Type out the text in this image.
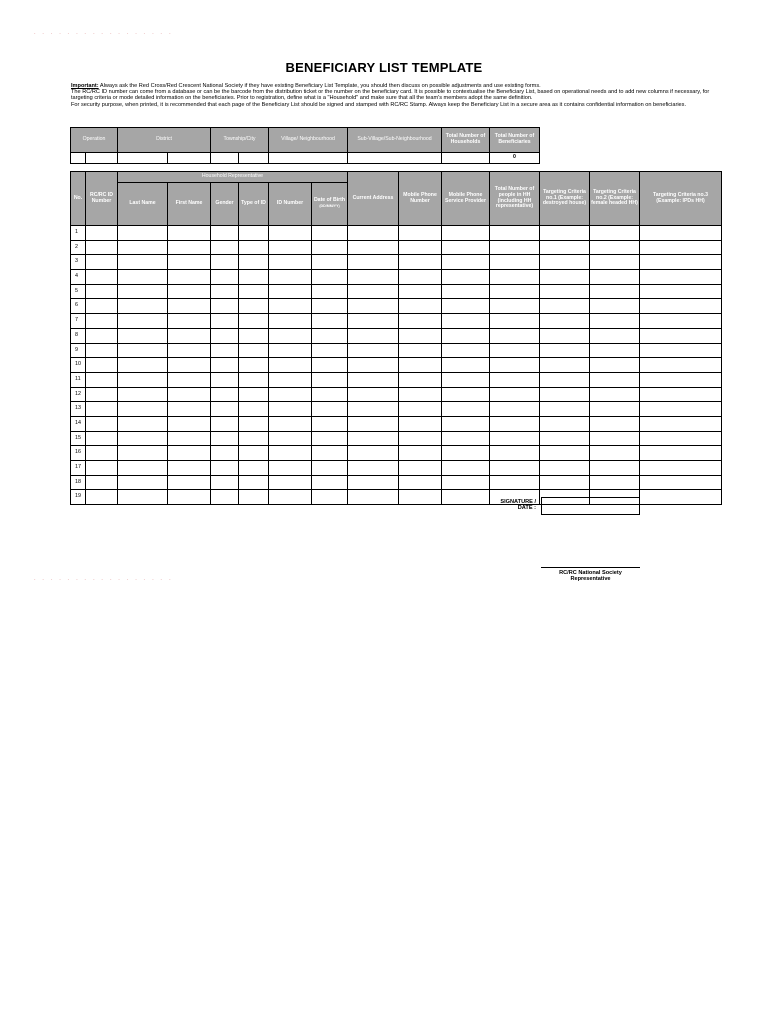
- - - - - - - - - - - - - - - - -
BENEFICIARY LIST TEMPLATE
Important: Always ask the Red Cross/Red Crescent National Society if they have existing Beneficiary List Template, you should then discuss on possible adjustments and use existing forms.
The RC/RC ID number can come from a database or can be the barcode from the distribution ticket or the number on the beneficiary card. It is possible to contextualise the Beneficiary List, based on operational needs and to add new columns if necessary, for targeting criteria or mode detailed information on the beneficiaries. Prior to registration, define what is a "Household" and make sure that all the team's members adopt the same definition.
For security purpose, when printed, it is recommended that each page of the Beneficiary List should be signed and stamped with RC/RC Stamp. Always keep the Beneficiary List in a secure area as it contains confidential information on beneficiaries.
Operation		District		Township/City		Village/ Neighbourhood	Sub-Village/Sub-Neighbourhood	Total Number of Households	Total Number of Beneficiaries
									0
No.	RC/RC ID Number	Household Representative						Current Address	Mobile Phone Number	Mobile Phone Service Provider	Total Number of people in HH (including HH representative)	Targeting Criteria no.1 (Example: destroyed house)	Targeting Criteria no.2 (Example: female headed HH)	Targeting Criteria no.3 (Example: IPDs HH)
		Last Name	First Name	Gender	Type of ID	ID Number	Date of Birth
(DD/MM/YY)							
1														
2														
3														
4														
5														
6														
7														
8														
9														
10														
11														
12														
13														
14														
15														
16														
17														
18														
19														
SIGNATURE /
DATE :
- - - - - - - - - - - - - - - - -
RC/RC National Society
Representative
